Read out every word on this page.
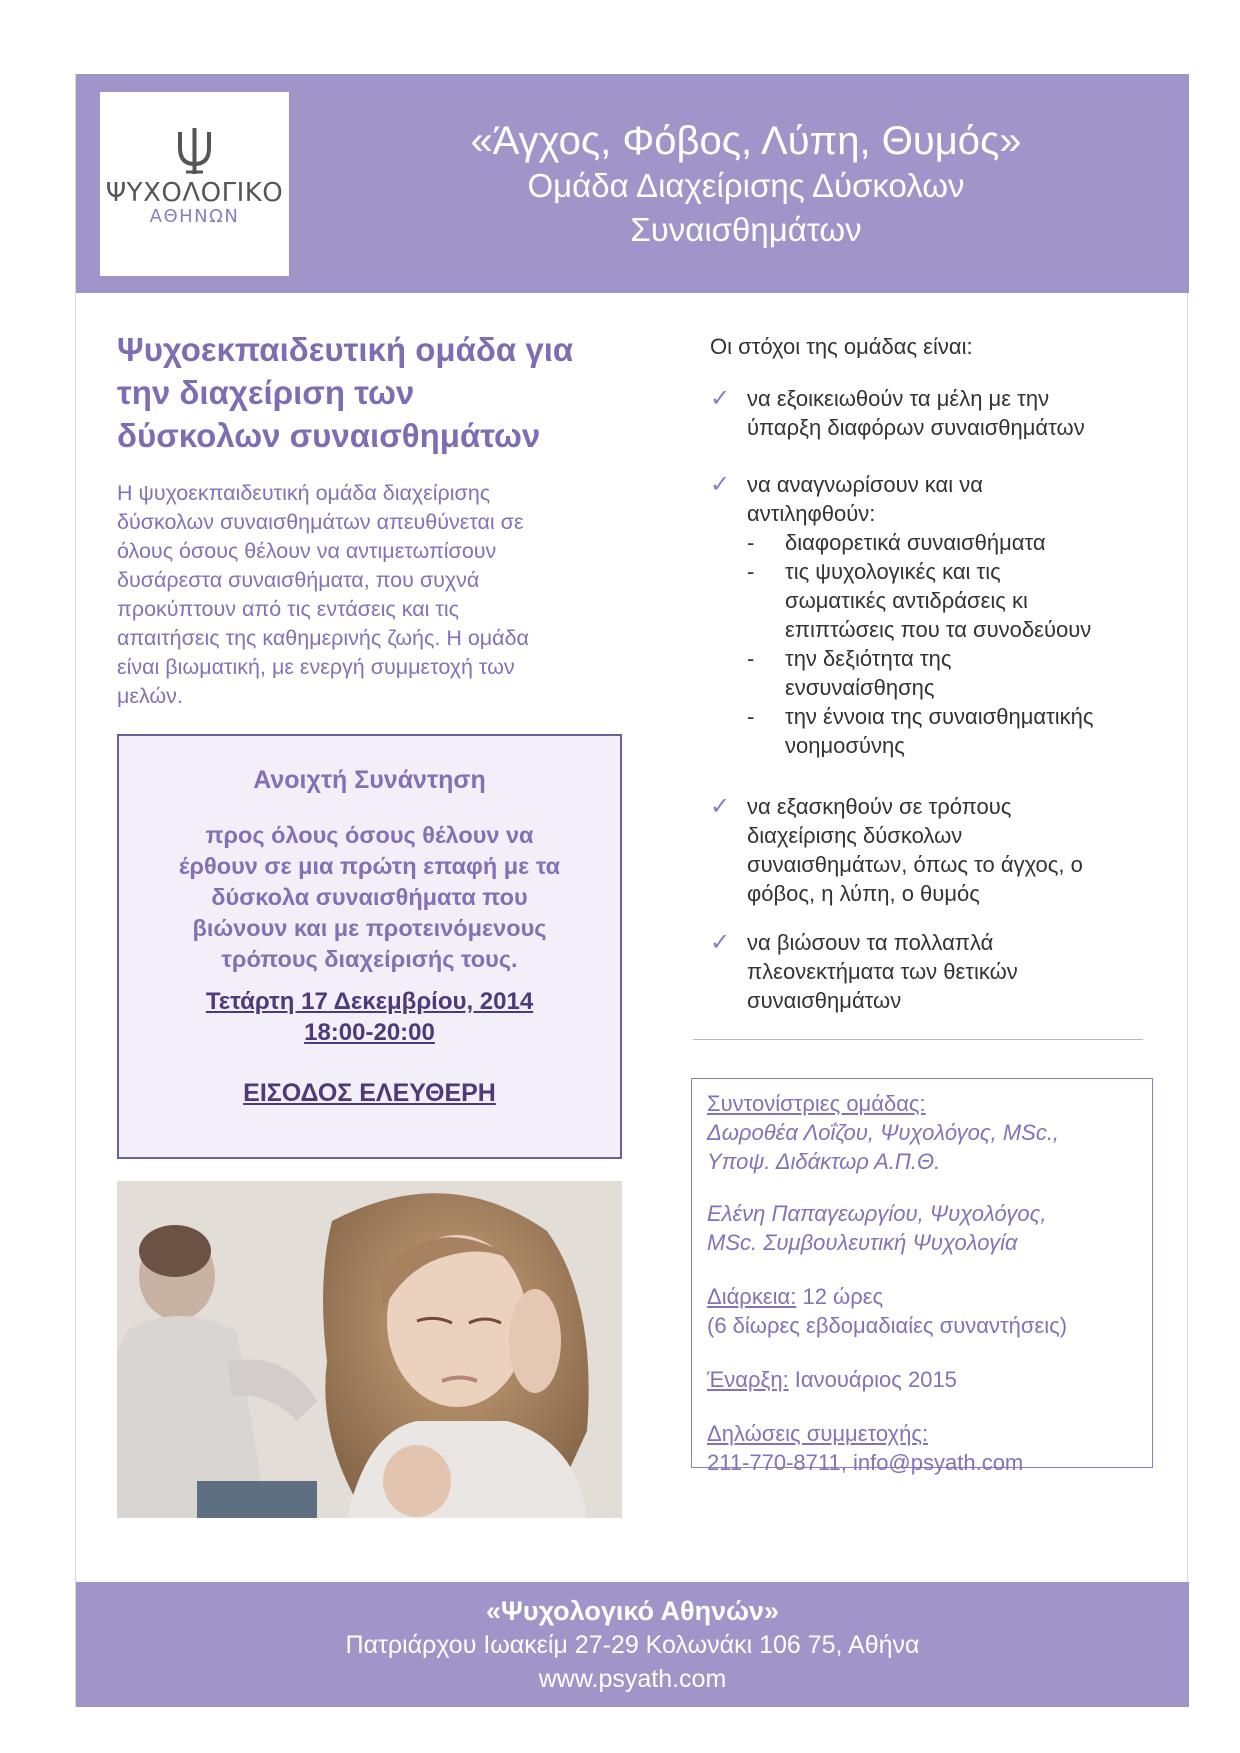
ΨΥΧΟΛΟΓΙΚΟ
ΑΘΗΝΩΝ
«Άγχος, Φόβος, Λύπη, Θυμός»
Ομάδα Διαχείρισης Δύσκολων
Συναισθημάτων
Ψυχοεκπαιδευτική ομάδα για
την διαχείριση των
δύσκολων συναισθημάτων
Η ψυχοεκπαιδευτική ομάδα διαχείρισης
δύσκολων συναισθημάτων απευθύνεται σε
όλους όσους θέλουν να αντιμετωπίσουν
δυσάρεστα συναισθήματα, που συχνά
προκύπτουν από τις εντάσεις και τις
απαιτήσεις της καθημερινής ζωής. Η ομάδα
είναι βιωματική, με ενεργή συμμετοχή των
μελών.
Ανοιχτή Συνάντηση
προς όλους όσους θέλουν να
έρθουν σε μια πρώτη επαφή με τα
δύσκολα συναισθήματα που
βιώνουν και με προτεινόμενους
τρόπους διαχείρισής τους.
Τετάρτη 17 Δεκεμβρίου, 2014
18:00-20:00
ΕΙΣΟΔΟΣ ΕΛΕΥΘΕΡΗ
Οι στόχοι της ομάδας είναι:
✓ να εξοικειωθούν τα μέλη με την
ύπαρξη διαφόρων συναισθημάτων
✓ να αναγνωρίσουν και να
αντιληφθούν:
- διαφορετικά συναισθήματα
- τις ψυχολογικές και τις
σωματικές αντιδράσεις κι
επιπτώσεις που τα συνοδεύουν
- την δεξιότητα της
ενσυναίσθησης
- την έννοια της συναισθηματικής
νοημοσύνης
✓ να εξασκηθούν σε τρόπους
διαχείρισης δύσκολων
συναισθημάτων, όπως το άγχος, ο
φόβος, η λύπη, ο θυμός
✓ να βιώσουν τα πολλαπλά
πλεονεκτήματα των θετικών
συναισθημάτων
Συντονίστριες ομάδας:
Δωροθέα Λοΐζου, Ψυχολόγος, MSc.,
Υποψ. Διδάκτωρ Α.Π.Θ.
Ελένη Παπαγεωργίου, Ψυχολόγος,
MSc. Συμβουλευτική Ψυχολογία
Διάρκεια: 12 ώρες
(6 δίωρες εβδομαδιαίες συναντήσεις)
Έναρξη: Ιανουάριος 2015
Δηλώσεις συμμετοχής:
211-770-8711, info@psyath.com
«Ψυχολογικό Αθηνών»
Πατριάρχου Ιωακείμ 27-29 Κολωνάκι 106 75, Αθήνα
www.psyath.com
